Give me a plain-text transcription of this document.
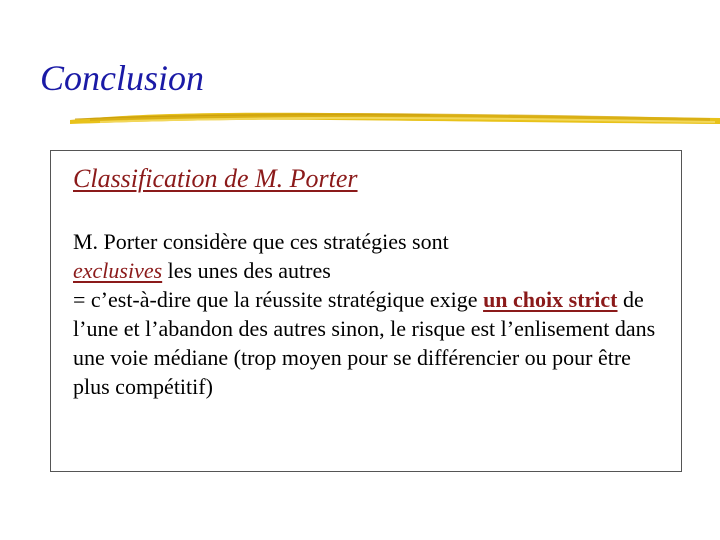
Conclusion
Classification de M. Porter

M. Porter considère que ces stratégies sont
exclusives les unes des autres
= c’est-à-dire que la réussite stratégique exige un choix strict de l’une et l’abandon des autres sinon, le risque est l’enlisement dans une voie médiane (trop moyen pour se différencier ou pour être plus compétitif)
